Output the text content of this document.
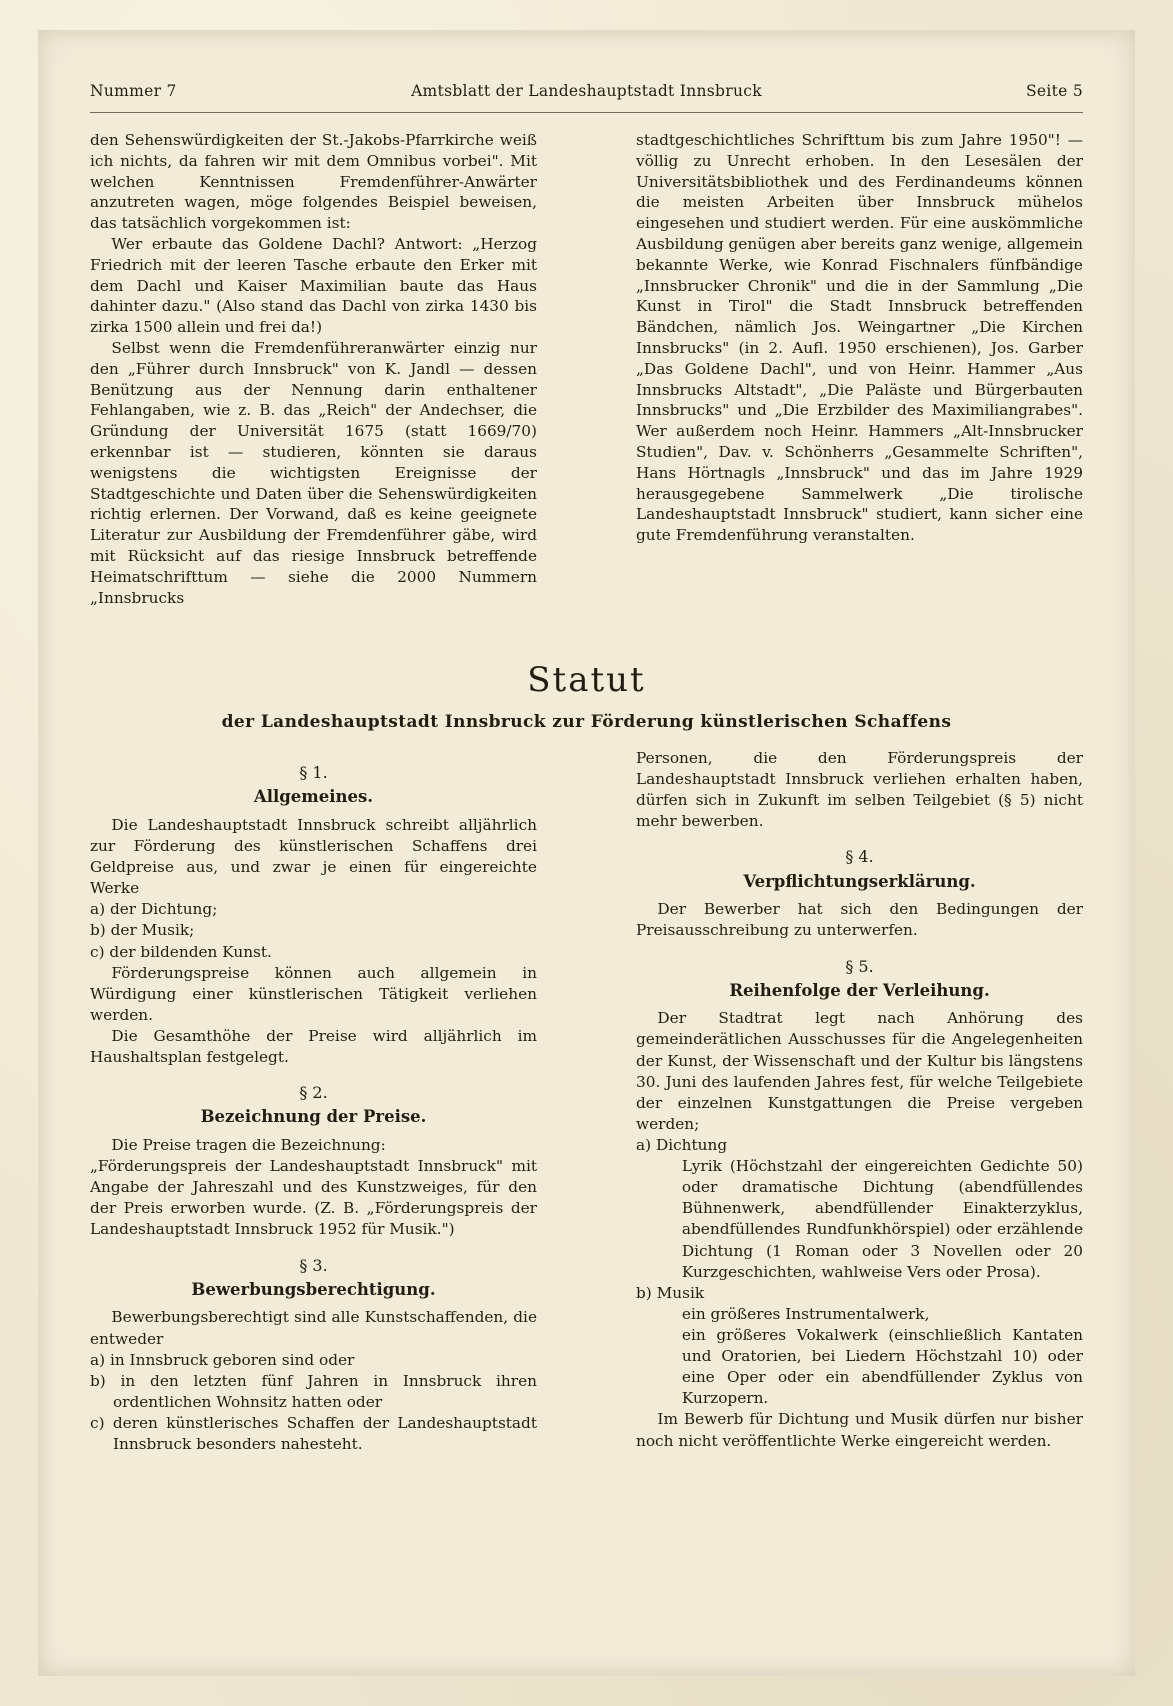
Nummer 7	Amtsblatt der Landeshauptstadt Innsbruck	Seite 5

den Sehenswürdigkeiten der St.-Jakobs-Pfarrkirche weiß ich nichts, da fahren wir mit dem Omnibus vorbei". Mit welchen Kenntnissen Fremdenführer-Anwärter anzutreten wagen, möge folgendes Beispiel beweisen, das tatsächlich vorgekommen ist:

Wer erbaute das Goldene Dachl? Antwort: „Herzog Friedrich mit der leeren Tasche erbaute den Erker mit dem Dachl und Kaiser Maximilian baute das Haus dahinter dazu." (Also stand das Dachl von zirka 1430 bis zirka 1500 allein und frei da!)

Selbst wenn die Fremdenführeranwärter einzig nur den „Führer durch Innsbruck" von K. Jandl — dessen Benützung aus der Nennung darin enthaltener Fehlangaben, wie z. B. das „Reich" der Andechser, die Gründung der Universität 1675 (statt 1669/70) erkennbar ist — studieren, könnten sie daraus wenigstens die wichtigsten Ereignisse der Stadtgeschichte und Daten über die Sehenswürdigkeiten richtig erlernen. Der Vorwand, daß es keine geeignete Literatur zur Ausbildung der Fremdenführer gäbe, wird mit Rücksicht auf das riesige Innsbruck betreffende Heimatschrifttum — siehe die 2000 Nummern „Innsbrucks

stadtgeschichtliches Schrifttum bis zum Jahre 1950"! — völlig zu Unrecht erhoben. In den Lesesälen der Universitätsbibliothek und des Ferdinandeums können die meisten Arbeiten über Innsbruck mühelos eingesehen und studiert werden. Für eine auskömmliche Ausbildung genügen aber bereits ganz wenige, allgemein bekannte Werke, wie Konrad Fischnalers fünfbändige „Innsbrucker Chronik" und die in der Sammlung „Die Kunst in Tirol" die Stadt Innsbruck betreffenden Bändchen, nämlich Jos. Weingartner „Die Kirchen Innsbrucks" (in 2. Aufl. 1950 erschienen), Jos. Garber „Das Goldene Dachl", und von Heinr. Hammer „Aus Innsbrucks Altstadt", „Die Paläste und Bürgerbauten Innsbrucks" und „Die Erzbilder des Maximiliangrabes". Wer außerdem noch Heinr. Hammers „Alt-Innsbrucker Studien", Dav. v. Schönherrs „Gesammelte Schriften", Hans Hörtnagls „Innsbruck" und das im Jahre 1929 herausgegebene Sammelwerk „Die tirolische Landeshauptstadt Innsbruck" studiert, kann sicher eine gute Fremdenführung veranstalten.

Statut
der Landeshauptstadt Innsbruck zur Förderung künstlerischen Schaffens
§ 1.
Allgemeines.

Die Landeshauptstadt Innsbruck schreibt alljährlich zur Förderung des künstlerischen Schaffens drei Geldpreise aus, und zwar je einen für eingereichte Werke

a) der Dichtung;

b) der Musik;

c) der bildenden Kunst.

Förderungspreise können auch allgemein in Würdigung einer künstlerischen Tätigkeit verliehen werden.

Die Gesamthöhe der Preise wird alljährlich im Haushaltsplan festgelegt.

§ 2.
Bezeichnung der Preise.

Die Preise tragen die Bezeichnung:

„Förderungspreis der Landeshauptstadt Innsbruck" mit Angabe der Jahreszahl und des Kunstzweiges, für den der Preis erworben wurde. (Z. B. „Förderungspreis der Landeshauptstadt Innsbruck 1952 für Musik.")

§ 3.
Bewerbungsberechtigung.

Bewerbungsberechtigt sind alle Kunstschaffenden, die entweder

a) in Innsbruck geboren sind oder

b) in den letzten fünf Jahren in Innsbruck ihren ordentlichen Wohnsitz hatten oder

c) deren künstlerisches Schaffen der Landeshauptstadt Innsbruck besonders nahesteht.

Personen, die den Förderungspreis der Landeshauptstadt Innsbruck verliehen erhalten haben, dürfen sich in Zukunft im selben Teilgebiet (§ 5) nicht mehr bewerben.

§ 4.
Verpflichtungserklärung.

Der Bewerber hat sich den Bedingungen der Preisausschreibung zu unterwerfen.

§ 5.
Reihenfolge der Verleihung.

Der Stadtrat legt nach Anhörung des gemeinderätlichen Ausschusses für die Angelegenheiten der Kunst, der Wissenschaft und der Kultur bis längstens 30. Juni des laufenden Jahres fest, für welche Teilgebiete der einzelnen Kunstgattungen die Preise vergeben werden;

a) Dichtung

Lyrik (Höchstzahl der eingereichten Gedichte 50) oder dramatische Dichtung (abendfüllendes Bühnenwerk, abendfüllender Einakterzyklus, abendfüllendes Rundfunkhörspiel) oder erzählende Dichtung (1 Roman oder 3 Novellen oder 20 Kurzgeschichten, wahlweise Vers oder Prosa).

b) Musik

ein größeres Instrumentalwerk,

ein größeres Vokalwerk (einschließlich Kantaten und Oratorien, bei Liedern Höchstzahl 10) oder eine Oper oder ein abendfüllender Zyklus von Kurzopern.

Im Bewerb für Dichtung und Musik dürfen nur bisher noch nicht veröffentlichte Werke eingereicht werden.
